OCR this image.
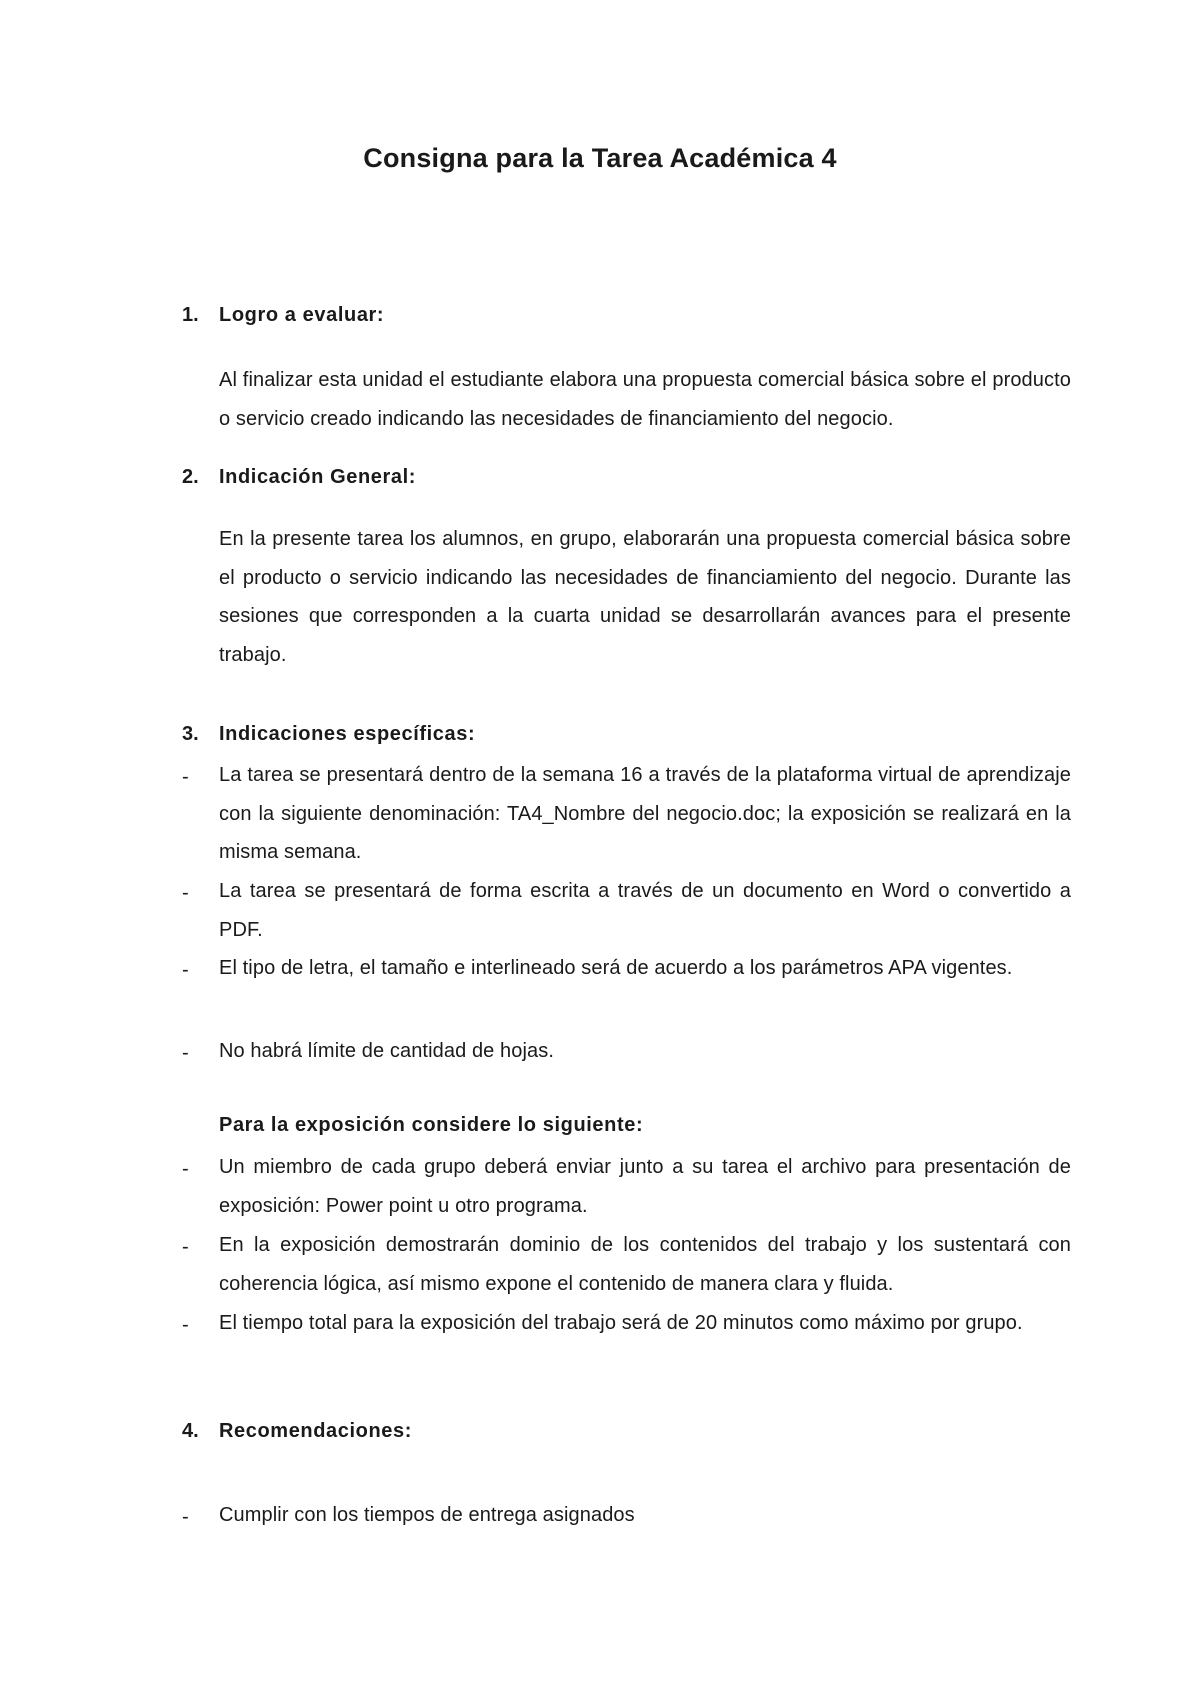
Consigna para la Tarea Académica 4
1. Logro a evaluar:
Al finalizar esta unidad el estudiante elabora una propuesta comercial básica sobre el producto o servicio creado indicando las necesidades de financiamiento del negocio.
2. Indicación General:
En la presente tarea los alumnos, en grupo, elaborarán una propuesta comercial básica sobre el producto o servicio indicando las necesidades de financiamiento del negocio. Durante las sesiones que corresponden a la cuarta unidad se desarrollarán avances para el presente trabajo.
3. Indicaciones específicas:
- La tarea se presentará dentro de la semana 16 a través de la plataforma virtual de aprendizaje con la siguiente denominación: TA4_Nombre del negocio.doc; la exposición se realizará en la misma semana.
- La tarea se presentará de forma escrita a través de un documento en Word o convertido a PDF.
- El tipo de letra, el tamaño e interlineado será de acuerdo a los parámetros APA vigentes.
- No habrá límite de cantidad de hojas.
Para la exposición considere lo siguiente:
- Un miembro de cada grupo deberá enviar junto a su tarea el archivo para presentación de exposición: Power point u otro programa.
- En la exposición demostrarán dominio de los contenidos del trabajo y los sustentará con coherencia lógica, así mismo expone el contenido de manera clara y fluida.
- El tiempo total para la exposición del trabajo será de 20 minutos como máximo por grupo.
4. Recomendaciones:
- Cumplir con los tiempos de entrega asignados
